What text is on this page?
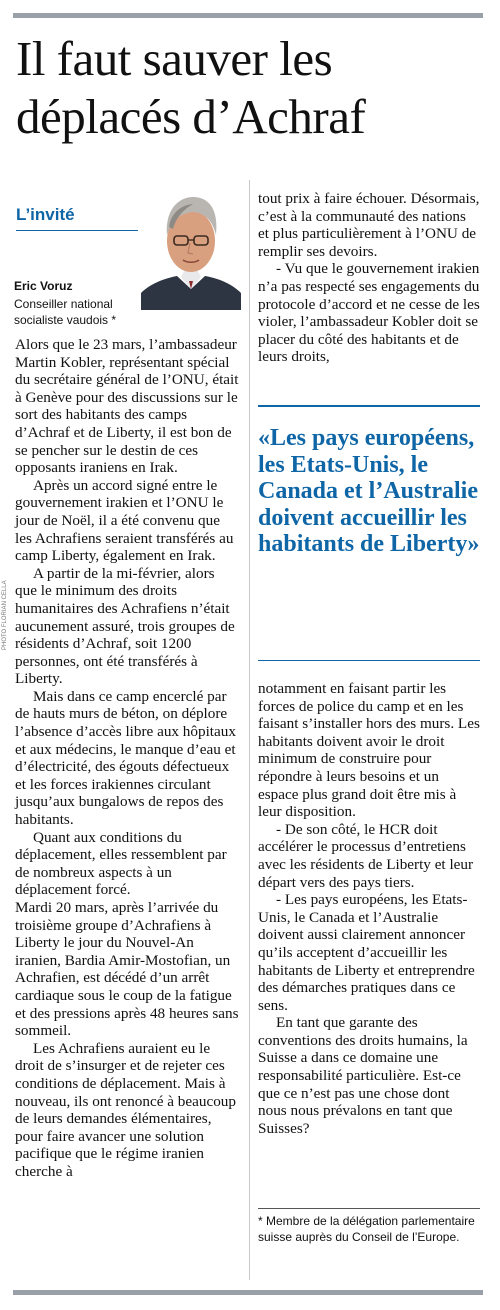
Il faut sauver les déplacés d’Achraf
L’invité
Eric Voruz
Conseiller national socialiste vaudois *
PHOTO FLORIAN CELLA

Alors que le 23 mars, l’ambassadeur Martin Kobler, représentant spécial du secrétaire général de l’ONU, était à Genève pour des discussions sur le sort des habitants des camps d’Achraf et de Liberty, il est bon de se pencher sur le destin de ces opposants iraniens en Irak.

Après un accord signé entre le gouvernement irakien et l’ONU le jour de Noël, il a été convenu que les Achrafiens seraient transférés au camp Liberty, également en Irak.

A partir de la mi-février, alors que le minimum des droits humanitaires des Achrafiens n’était aucunement assuré, trois groupes de résidents d’Achraf, soit 1200 personnes, ont été transférés à Liberty.

Mais dans ce camp encerclé par de hauts murs de béton, on déplore l’absence d’accès libre aux hôpitaux et aux médecins, le manque d’eau et d’électricité, des égouts défectueux et les forces irakiennes circulant jusqu’aux bungalows de repos des habitants.

Quant aux conditions du déplacement, elles ressemblent par de nombreux aspects à un déplacement forcé.

Mardi 20 mars, après l’arrivée du troisième groupe d’Achrafiens à Liberty le jour du Nouvel-An iranien, Bardia Amir-Mostofian, un Achrafien, est décédé d’un arrêt cardiaque sous le coup de la fatigue et des pressions après 48 heures sans sommeil.

Les Achrafiens auraient eu le droit de s’insurger et de rejeter ces conditions de déplacement. Mais à nouveau, ils ont renoncé à beaucoup de leurs demandes élémentaires, pour faire avancer une solution pacifique que le régime iranien cherche à

tout prix à faire échouer. Désormais, c’est à la communauté des nations et plus particulièrement à l’ONU de remplir ses devoirs.

- Vu que le gouvernement irakien n’a pas respecté ses engagements du protocole d’accord et ne cesse de les violer, l’ambassadeur Kobler doit se placer du côté des habitants et de leurs droits,

«Les pays européens, les Etats-Unis, le Canada et l’Australie doivent accueillir les habitants de Liberty»

notamment en faisant partir les forces de police du camp et en les faisant s’installer hors des murs. Les habitants doivent avoir le droit minimum de construire pour répondre à leurs besoins et un espace plus grand doit être mis à leur disposition.

- De son côté, le HCR doit accélérer le processus d’entretiens avec les résidents de Liberty et leur départ vers des pays tiers.

- Les pays européens, les Etats-Unis, le Canada et l’Australie doivent aussi clairement annoncer qu’ils acceptent d’accueillir les habitants de Liberty et entreprendre des démarches pratiques dans ce sens.

En tant que garante des conventions des droits humains, la Suisse a dans ce domaine une responsabilité particulière. Est-ce que ce n’est pas une chose dont nous nous prévalons en tant que Suisses?

* Membre de la délégation parlementaire suisse auprès du Conseil de l’Europe.
